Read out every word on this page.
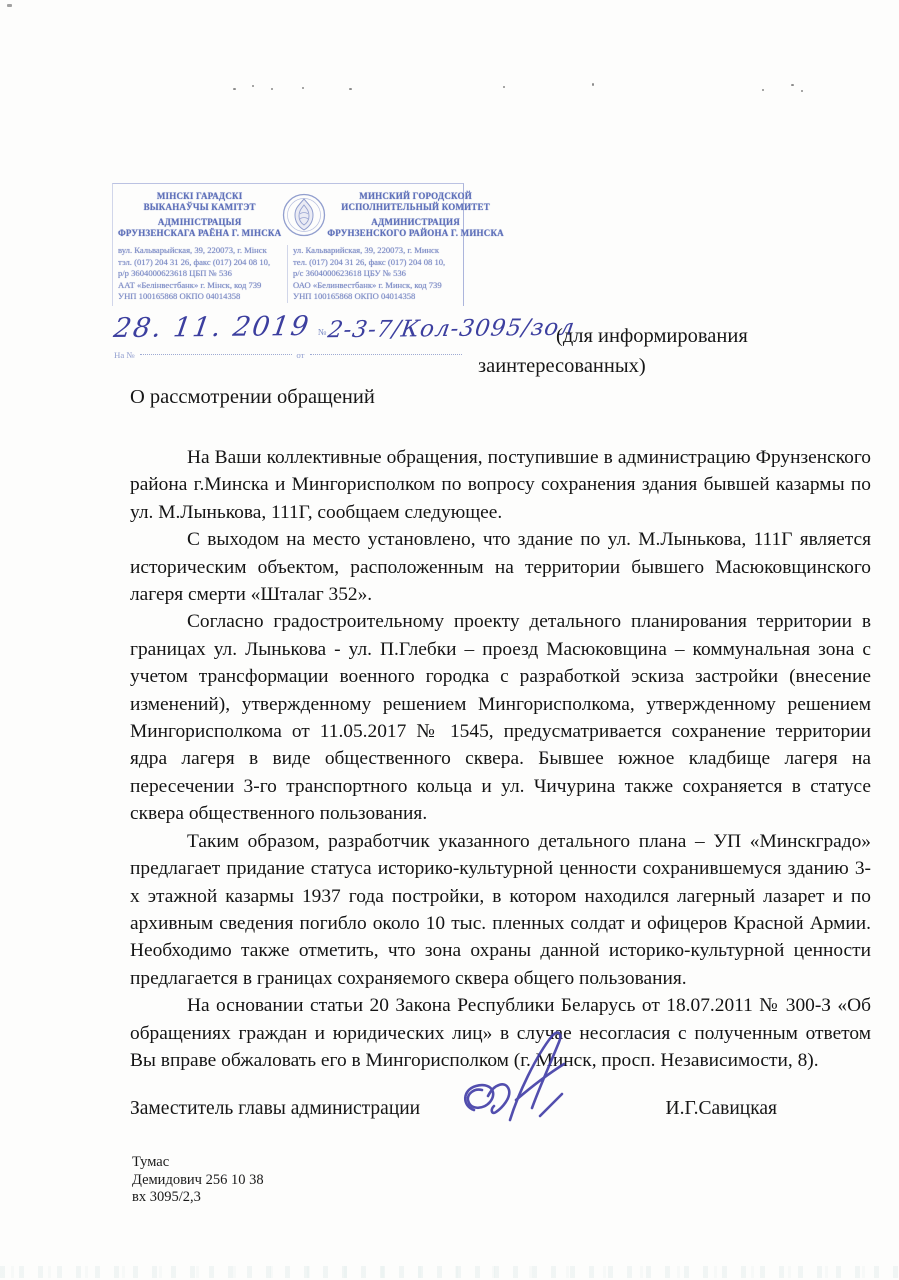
МІНСКІ ГАРАДСКІ
ВЫКАНАЎЧЫ КАМІТЭТ
АДМІНІСТРАЦЫЯ
ФРУНЗЕНСКАГА РАЁНА Г. МІНСКА
МИНСКИЙ ГОРОДСКОЙ
ИСПОЛНИТЕЛЬНЫЙ КОМИТЕТ
АДМИНИСТРАЦИЯ
ФРУНЗЕНСКОГО РАЙОНА Г. МИНСКА
вул. Кальварыйская, 39, 220073, г. Мінск
тэл. (017) 204 31 26, факс (017) 204 08 10,
р/р 3604000623618 ЦБП № 536
ААТ «Белінвестбанк» г. Мінск, код 739
УНП 100165868 ОКПО 04014358
ул. Кальварийская, 39, 220073, г. Минск
тел. (017) 204 31 26, факс (017) 204 08 10,
р/с 3604000623618 ЦБУ № 536
ОАО «Белинвестбанк» г. Минск, код 739
УНП 100165868 ОКПО 04014358
28. 11. 2019 № 2-3-7/Кол-3095/зол
На №	от
(для информирования
заинтересованных)
О рассмотрении обращений

На Ваши коллективные обращения, поступившие в администрацию Фрунзенского района г.Минска и Мингорисполком по вопросу сохранения здания бывшей казармы по ул. М.Лынькова, 111Г, сообщаем следующее.

С выходом на место установлено, что здание по ул. М.Лынькова, 111Г является историческим объектом, расположенным на территории бывшего Масюковщинского лагеря смерти «Шталаг 352».

Согласно градостроительному проекту детального планирования территории в границах ул. Лынькова - ул. П.Глебки – проезд Масюковщина – коммунальная зона с учетом трансформации военного городка с разработкой эскиза застройки (внесение изменений), утвержденному решением Мингорисполкома, утвержденному решением Мингорисполкома от 11.05.2017 № 1545, предусматривается сохранение территории ядра лагеря в виде общественного сквера. Бывшее южное кладбище лагеря на пересечении 3-го транспортного кольца и ул. Чичурина также сохраняется в статусе сквера общественного пользования.

Таким образом, разработчик указанного детального плана – УП «Минскградо» предлагает придание статуса историко-культурной ценности сохранившемуся зданию 3-х этажной казармы 1937 года постройки, в котором находился лагерный лазарет и по архивным сведения погибло около 10 тыс. пленных солдат и офицеров Красной Армии. Необходимо также отметить, что зона охраны данной историко-культурной ценности предлагается в границах сохраняемого сквера общего пользования.

На основании статьи 20 Закона Республики Беларусь от 18.07.2011 № 300-З «Об обращениях граждан и юридических лиц» в случае несогласия с полученным ответом Вы вправе обжаловать его в Мингорисполком (г. Минск, просп. Независимости, 8).

Заместитель главы администрации	И.Г.Савицкая
Тумас
Демидович 256 10 38
вх 3095/2,3
